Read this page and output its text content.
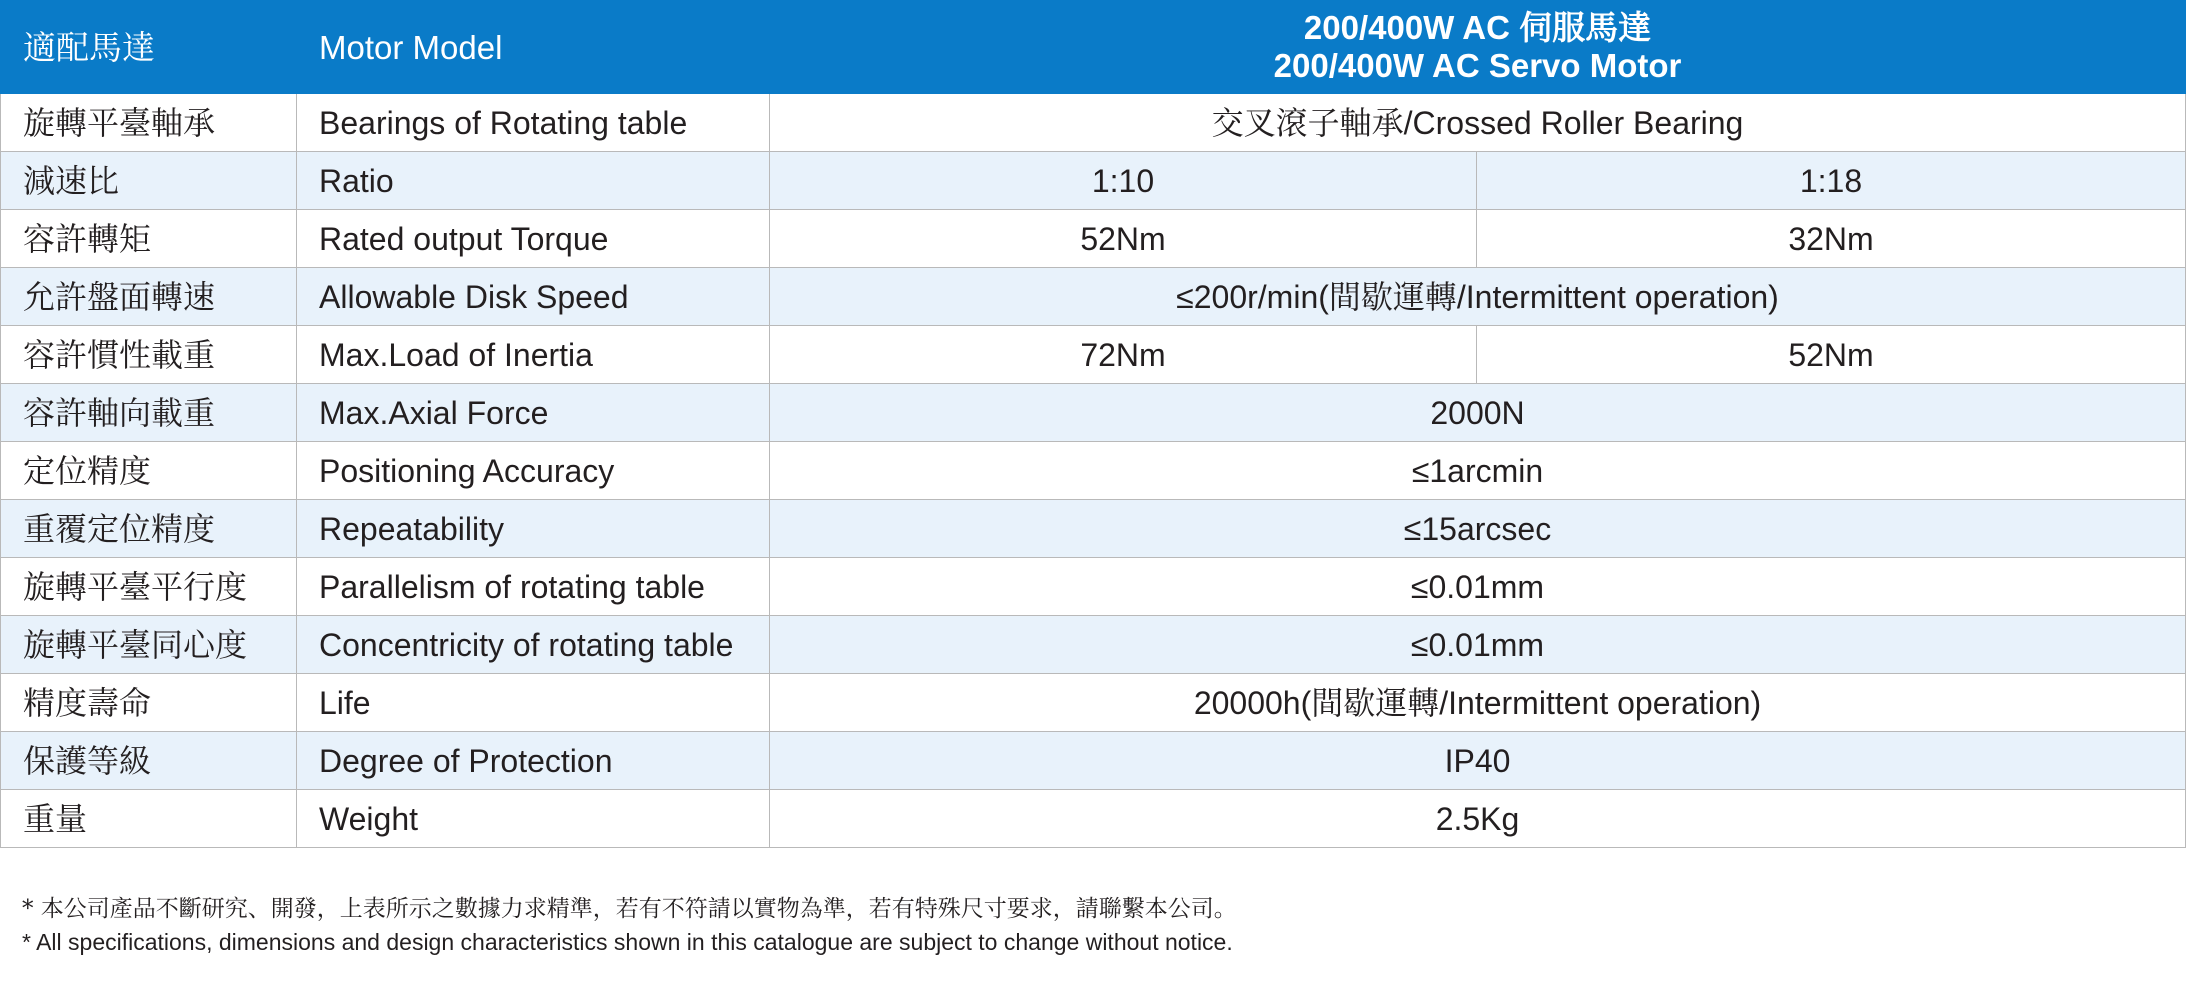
適配馬達	Motor Model	200/400W AC 伺服馬達
200/400W AC Servo Motor	

旋轉平臺軸承	Bearings of Rotating table	交叉滾子軸承/Crossed Roller Bearing	
減速比	Ratio	1:10	1:18
容許轉矩	Rated output Torque	52Nm	32Nm
允許盤面轉速	Allowable Disk Speed	≤200r/min(間歇運轉/Intermittent operation)	
容許慣性載重	Max.Load of Inertia	72Nm	52Nm
容許軸向載重	Max.Axial Force	2000N	
定位精度	Positioning Accuracy	≤1arcmin	
重覆定位精度	Repeatability	≤15arcsec	
旋轉平臺平行度	Parallelism of rotating table	≤0.01mm	
旋轉平臺同心度	Concentricity of rotating table	≤0.01mm	
精度壽命	Life	20000h(間歇運轉/Intermittent operation)	
保護等級	Degree of Protection	IP40	
重量	Weight	2.5Kg	
* 本公司產品不斷研究、開發，上表所示之數據力求精準，若有不符請以實物為準，若有特殊尺寸要求，請聯繫本公司。
* All specifications, dimensions and design characteristics shown in this catalogue are subject to change without notice.
